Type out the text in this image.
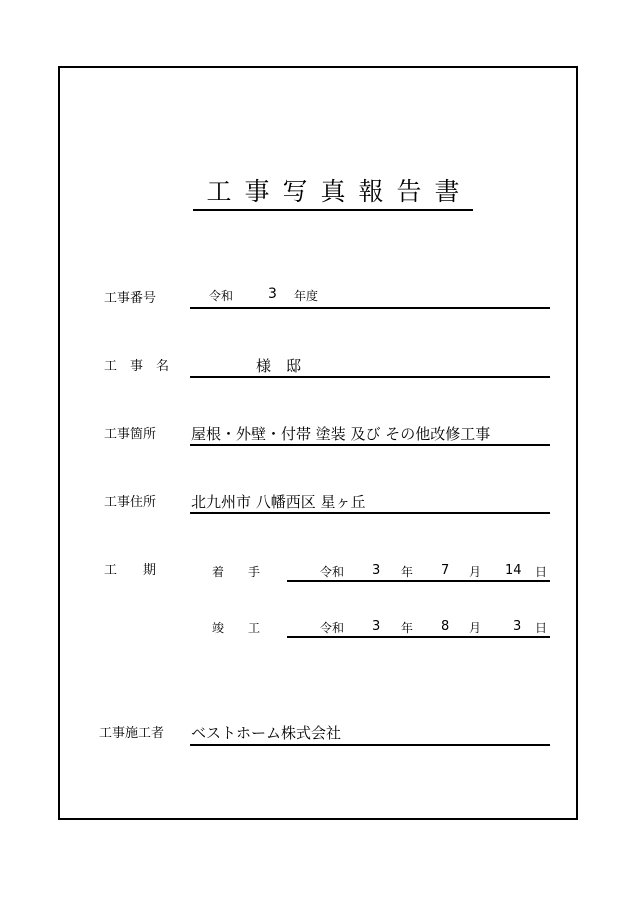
工事写真報告書
工事番号	令和 3 年度
工　事　名	様　邸
工事箇所 屋根・外壁・付帯 塗装 及び その他改修工事
工事住所 北九州市 八幡西区 星ヶ丘
工　　期	着　　手	令和 3 年 7 月 14 日
竣　　工	令和 3 年 8 月 3 日
工事施工者 ベストホーム株式会社
